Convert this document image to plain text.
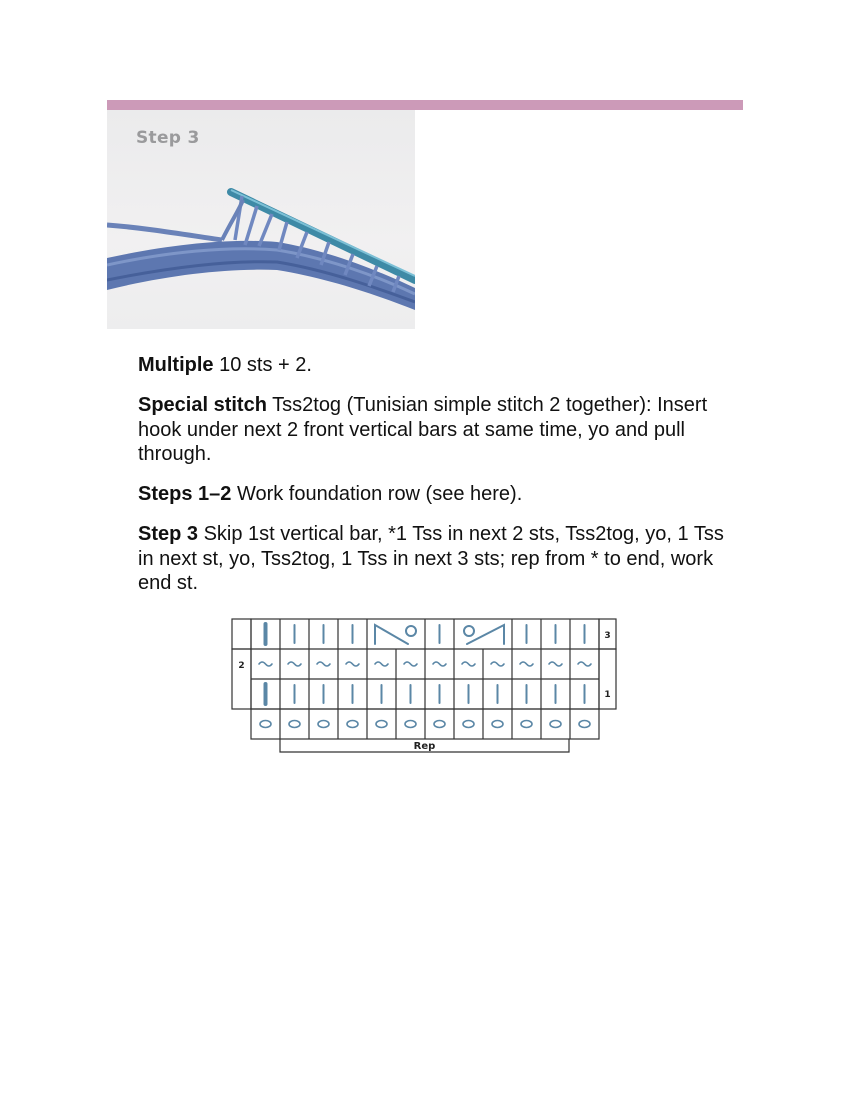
Step 3

Multiple 10 sts + 2.

Special stitch Tss2tog (Tunisian simple stitch 2 together): Insert hook under next 2 front vertical bars at same time, yo and pull through.

Steps 1–2 Work foundation row (see here).

Step 3 Skip 1st vertical bar, *1 Tss in next 2 sts, Tss2tog, yo, 1 Tss in next st, yo, Tss2tog, 1 Tss in next 3 sts; rep from * to end, work end st.

2
3
1
Rep
